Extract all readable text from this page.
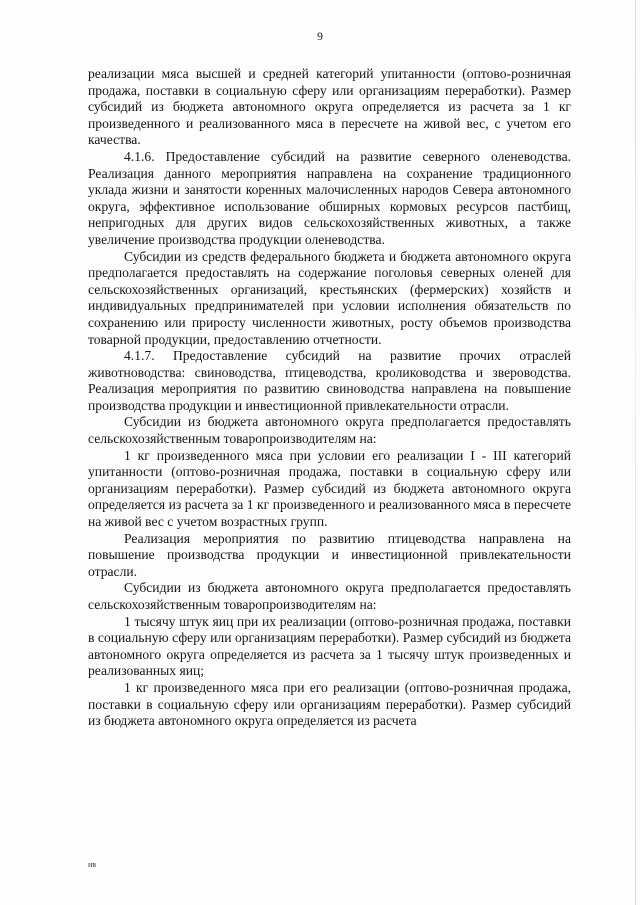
9

реализации мяса высшей и средней категорий упитанности (оптово-розничная продажа, поставки в социальную сферу или организациям переработки). Размер субсидий из бюджета автономного округа определяется из расчета за 1 кг произведенного и реализованного мяса в пересчете на живой вес, с учетом его качества.

4.1.6. Предоставление субсидий на развитие северного оленеводства. Реализация данного мероприятия направлена на сохранение традиционного уклада жизни и занятости коренных малочисленных народов Севера автономного округа, эффективное использование обширных кормовых ресурсов пастбищ, непригодных для других видов сельскохозяйственных животных, а также увеличение производства продукции оленеводства.

Субсидии из средств федерального бюджета и бюджета автономного округа предполагается предоставлять на содержание поголовья северных оленей для сельскохозяйственных организаций, крестьянских (фермерских) хозяйств и индивидуальных предпринимателей при условии исполнения обязательств по сохранению или приросту численности животных, росту объемов производства товарной продукции, предоставлению отчетности.

4.1.7. Предоставление субсидий на развитие прочих отраслей животноводства: свиноводства, птицеводства, кролиководства и звероводства. Реализация мероприятия по развитию свиноводства направлена на повышение производства продукции и инвестиционной привлекательности отрасли.

Субсидии из бюджета автономного округа предполагается предоставлять сельскохозяйственным товаропроизводителям на:

1 кг произведенного мяса при условии его реализации I - III категорий упитанности (оптово-розничная продажа, поставки в социальную сферу или организациям переработки). Размер субсидий из бюджета автономного округа определяется из расчета за 1 кг произведенного и реализованного мяса в пересчете на живой вес с учетом возрастных групп.

Реализация мероприятия по развитию птицеводства направлена на повышение производства продукции и инвестиционной привлекательности отрасли.

Субсидии из бюджета автономного округа предполагается предоставлять сельскохозяйственным товаропроизводителям на:

1 тысячу штук яиц при их реализации (оптово-розничная продажа, поставки в социальную сферу или организациям переработки). Размер субсидий из бюджета автономного округа определяется из расчета за 1 тысячу штук произведенных и реализованных яиц;

1 кг произведенного мяса при его реализации (оптово-розничная продажа, поставки в социальную сферу или организациям переработки). Размер субсидий из бюджета автономного округа определяется из расчета

ив
